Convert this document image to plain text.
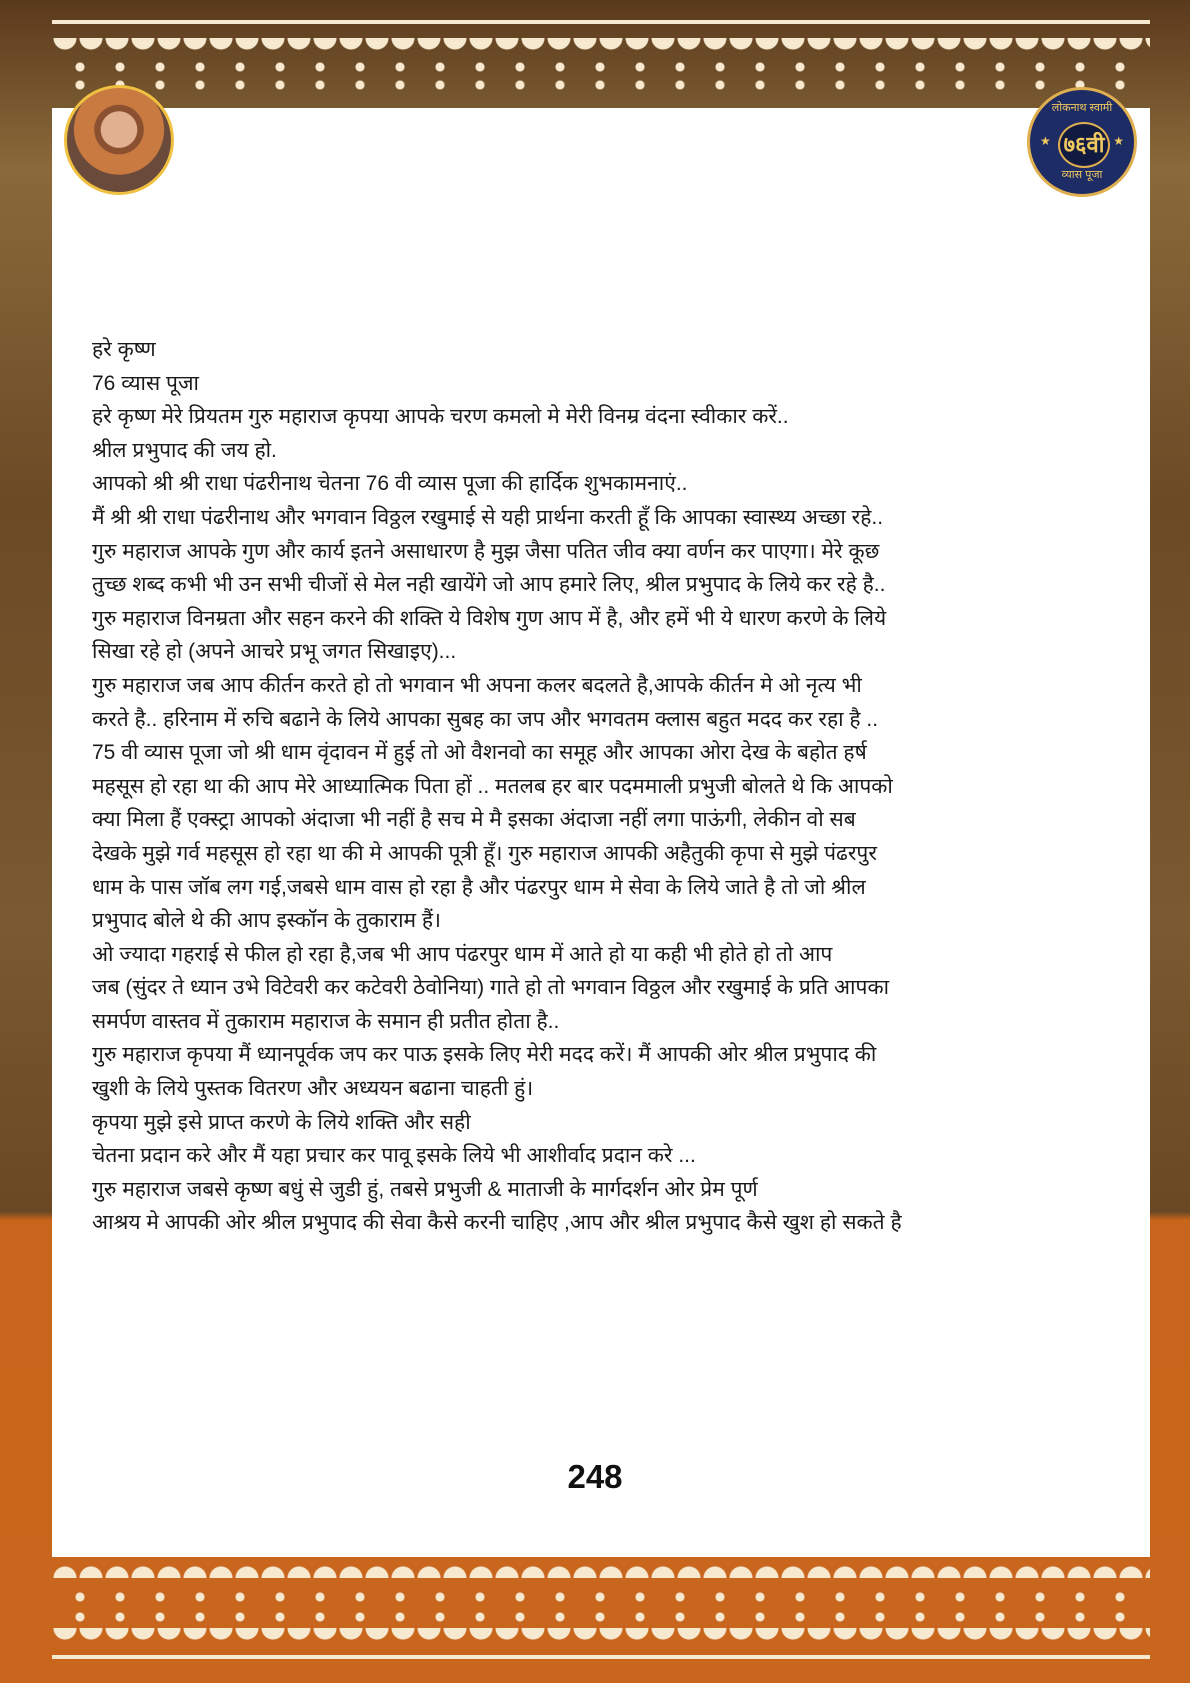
लोकनाथ स्वामी
★ ७६वी ★
व्यास पूजा
हरे कृष्ण
76 व्यास पूजा
हरे कृष्ण मेरे प्रियतम गुरु महाराज कृपया आपके चरण कमलो मे मेरी विनम्र वंदना स्वीकार करें..
श्रील प्रभुपाद की जय हो.
आपको श्री श्री राधा पंढरीनाथ चेतना 76 वी व्यास पूजा की हार्दिक शुभकामनाएं..
मैं श्री श्री राधा पंढरीनाथ और भगवान विठ्ठल रखुमाई से यही प्रार्थना करती हूँ कि आपका स्वास्थ्य अच्छा रहे..
गुरु महाराज आपके गुण और कार्य इतने असाधारण है मुझ जैसा पतित जीव क्या वर्णन कर पाएगा। मेरे कूछ
तुच्छ शब्द कभी भी उन सभी चीजों से मेल नही खायेंगे जो आप हमारे लिए, श्रील प्रभुपाद के लिये कर रहे है..
गुरु महाराज विनम्रता और सहन करने की शक्ति ये विशेष गुण आप में है, और हमें भी ये धारण करणे के लिये
सिखा रहे हो (अपने आचरे प्रभू जगत सिखाइए)...
गुरु महाराज जब आप कीर्तन करते हो तो भगवान भी अपना कलर बदलते है,आपके कीर्तन मे ओ नृत्य भी
करते है.. हरिनाम में रुचि बढाने के लिये आपका सुबह का जप और भगवतम क्लास बहुत मदद कर रहा है ..
75 वी व्यास पूजा जो श्री धाम वृंदावन में हुई तो ओ वैशनवो का समूह और आपका ओरा देख के बहोत हर्ष
महसूस हो रहा था की आप मेरे आध्यात्मिक पिता हों .. मतलब हर बार पदममाली प्रभुजी बोलते थे कि आपको
क्या मिला हैं एक्स्ट्रा आपको अंदाजा भी नहीं है सच मे मै इसका अंदाजा नहीं लगा पाऊंगी, लेकीन वो सब
देखके मुझे गर्व महसूस हो रहा था की मे आपकी पूत्री हूँ। गुरु महाराज आपकी अहैतुकी कृपा से मुझे पंढरपुर
धाम के पास जॉब लग गई,जबसे धाम वास हो रहा है और पंढरपुर धाम मे सेवा के लिये जाते है तो जो श्रील
प्रभुपाद बोले थे की आप इस्कॉन के तुकाराम हैं।
ओ ज्यादा गहराई से फील हो रहा है,जब भी आप पंढरपुर धाम में आते हो या कही भी होते हो तो आप
जब (सुंदर ते ध्यान उभे विटेवरी कर कटेवरी ठेवोनिया) गाते हो तो भगवान विठ्ठल और रखुमाई के प्रति आपका
समर्पण वास्तव में तुकाराम महाराज के समान ही प्रतीत होता है..
गुरु महाराज कृपया मैं ध्यानपूर्वक जप कर पाऊ इसके लिए मेरी मदद करें। मैं आपकी ओर श्रील प्रभुपाद की
खुशी के लिये पुस्तक वितरण और अध्ययन बढाना चाहती हुं।
कृपया मुझे इसे प्राप्त करणे के लिये शक्ति और सही
चेतना प्रदान करे और मैं यहा प्रचार कर पावू इसके लिये भी आशीर्वाद प्रदान करे ...
गुरु महाराज जबसे कृष्ण बधुं से जुडी हुं, तबसे प्रभुजी & माताजी के मार्गदर्शन ओर प्रेम पूर्ण
आश्रय मे आपकी ओर श्रील प्रभुपाद की सेवा कैसे करनी चाहिए ,आप और श्रील प्रभुपाद कैसे खुश हो सकते है
248
